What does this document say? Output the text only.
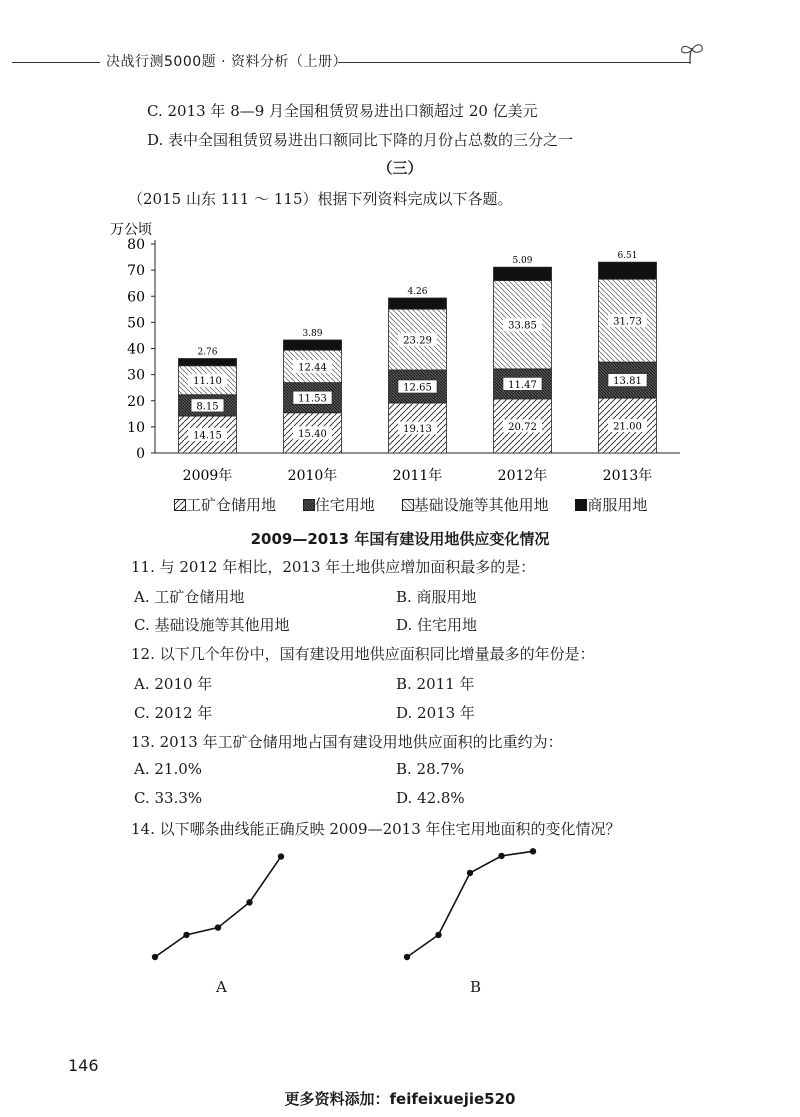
决战行测5000题 · 资料分析（上册）
C. 2013 年 8—9 月全国租赁贸易进出口额超过 20 亿美元
D. 表中全国租赁贸易进出口额同比下降的月份占总数的三分之一
（三）
（2015 山东 111 ～ 115）根据下列资料完成以下各题。
万公顷
0
10
20
30
40
50
60
70
80
14.15
8.15
11.10
2.76
2009年
15.40
11.53
12.44
3.89
2010年
19.13
12.65
23.29
4.26
2011年
20.72
11.47
33.85
5.09
2012年
21.00
13.81
31.73
6.51
2013年
工矿仓储用地
	住宅用地
	基础设施等其他用地
	商服用地
2009—2013 年国有建设用地供应变化情况
11. 与 2012 年相比，2013 年土地供应增加面积最多的是：
A. 工矿仓储用地	B. 商服用地
C. 基础设施等其他用地	D. 住宅用地
12. 以下几个年份中，国有建设用地供应面积同比增量最多的年份是：
A. 2010 年	B. 2011 年
C. 2012 年	D. 2013 年
13. 2013 年工矿仓储用地占国有建设用地供应面积的比重约为：
A. 21.0%	B. 28.7%
C. 33.3%	D. 42.8%
14. 以下哪条曲线能正确反映 2009—2013 年住宅用地面积的变化情况？
A	B
146
更多资料添加：feifeixuejie520
